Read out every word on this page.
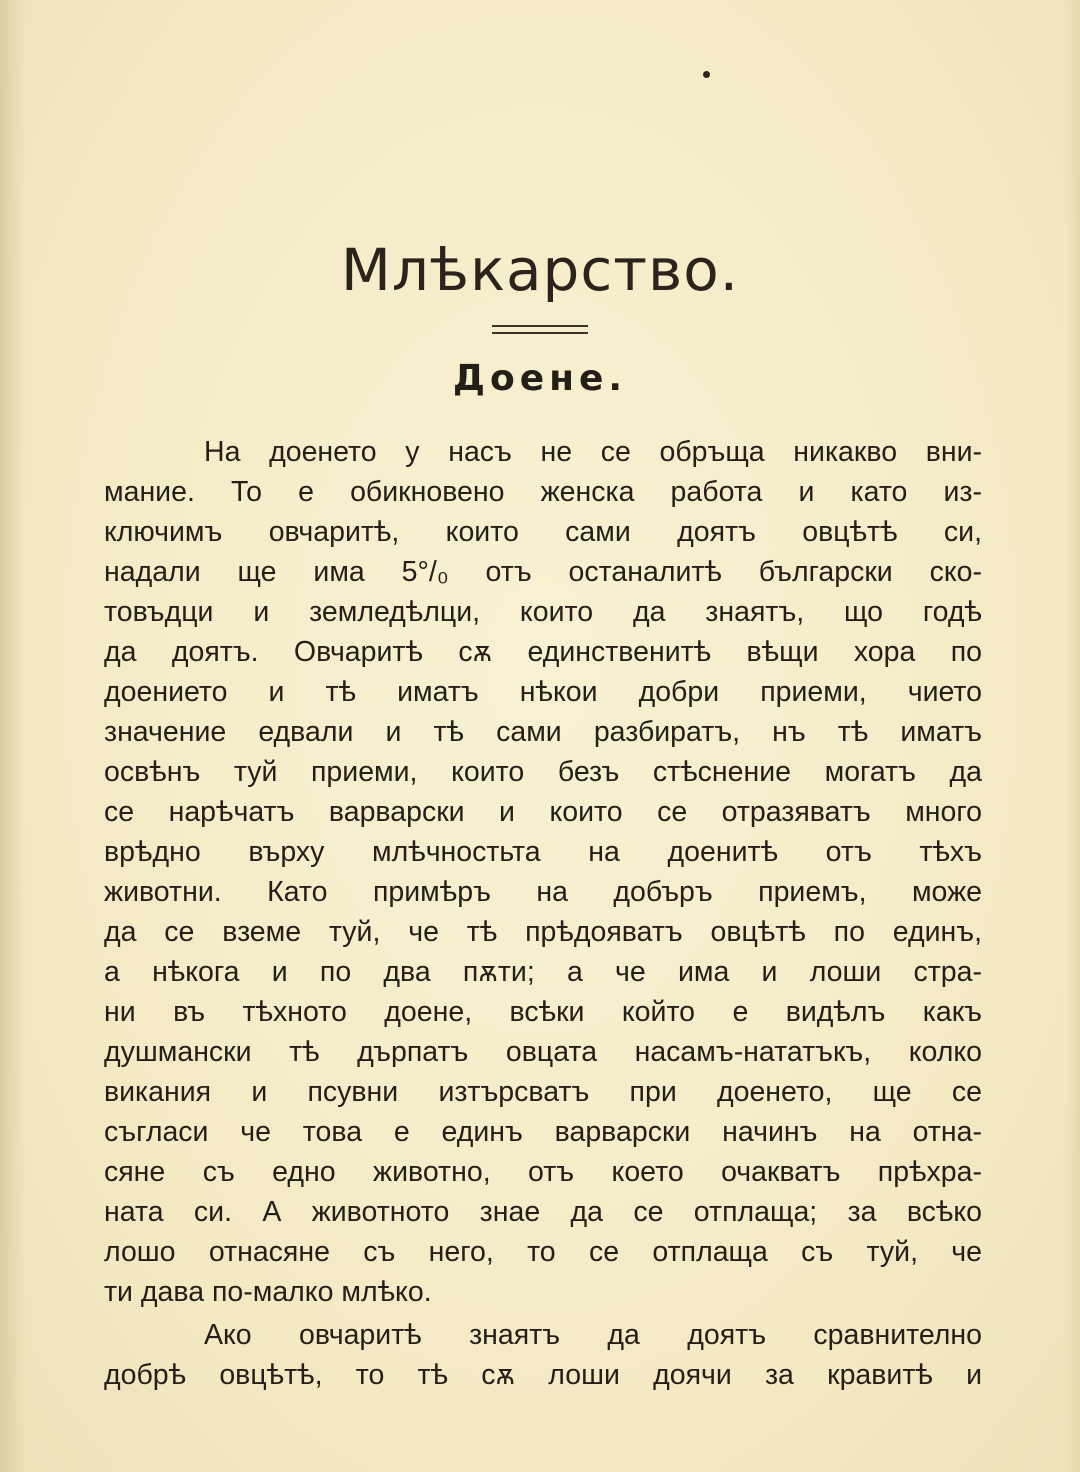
Млѣкарство.
Доене.
На доенето у насъ не се обръща никакво вни-
мание. То е обикновено женска работа и като из-
ключимъ овчаритѣ, които сами доятъ овцѣтѣ си,
надали ще има 5°/₀ отъ останалитѣ български ско-
товъдци и земледѣлци, които да знаятъ, що годѣ
да доятъ. Овчаритѣ сѫ единственитѣ вѣщи хора по
доението и тѣ иматъ нѣкои добри приеми, чието
значение едвали и тѣ сами разбиратъ, нъ тѣ иматъ
освѣнъ туй приеми, които безъ стѣснение могатъ да
се нарѣчатъ варварски и които се отразяватъ много
врѣдно върху млѣчностьта на доенитѣ отъ тѣхъ
животни. Като примѣръ на добъръ приемъ, може
да се вземе туй, че тѣ прѣдояватъ овцѣтѣ по единъ,
а нѣкога и по два пѫти; а че има и лоши стра-
ни въ тѣхното доене, всѣки който е видѣлъ какъ
душмански тѣ дърпатъ овцата насамъ-нататъкъ, колко
викания и псувни изтърсватъ при доенето, ще се
съгласи че това е единъ варварски начинъ на отна-
сяне съ едно животно, отъ което очакватъ прѣхра-
ната си. А животното знае да се отплаща; за всѣко
лошо отнасяне съ него, то се отплаща съ туй, че
ти дава по-малко млѣко.
Ако овчаритѣ знаятъ да доятъ сравнително
добрѣ овцѣтѣ, то тѣ сѫ лоши доячи за кравитѣ и
